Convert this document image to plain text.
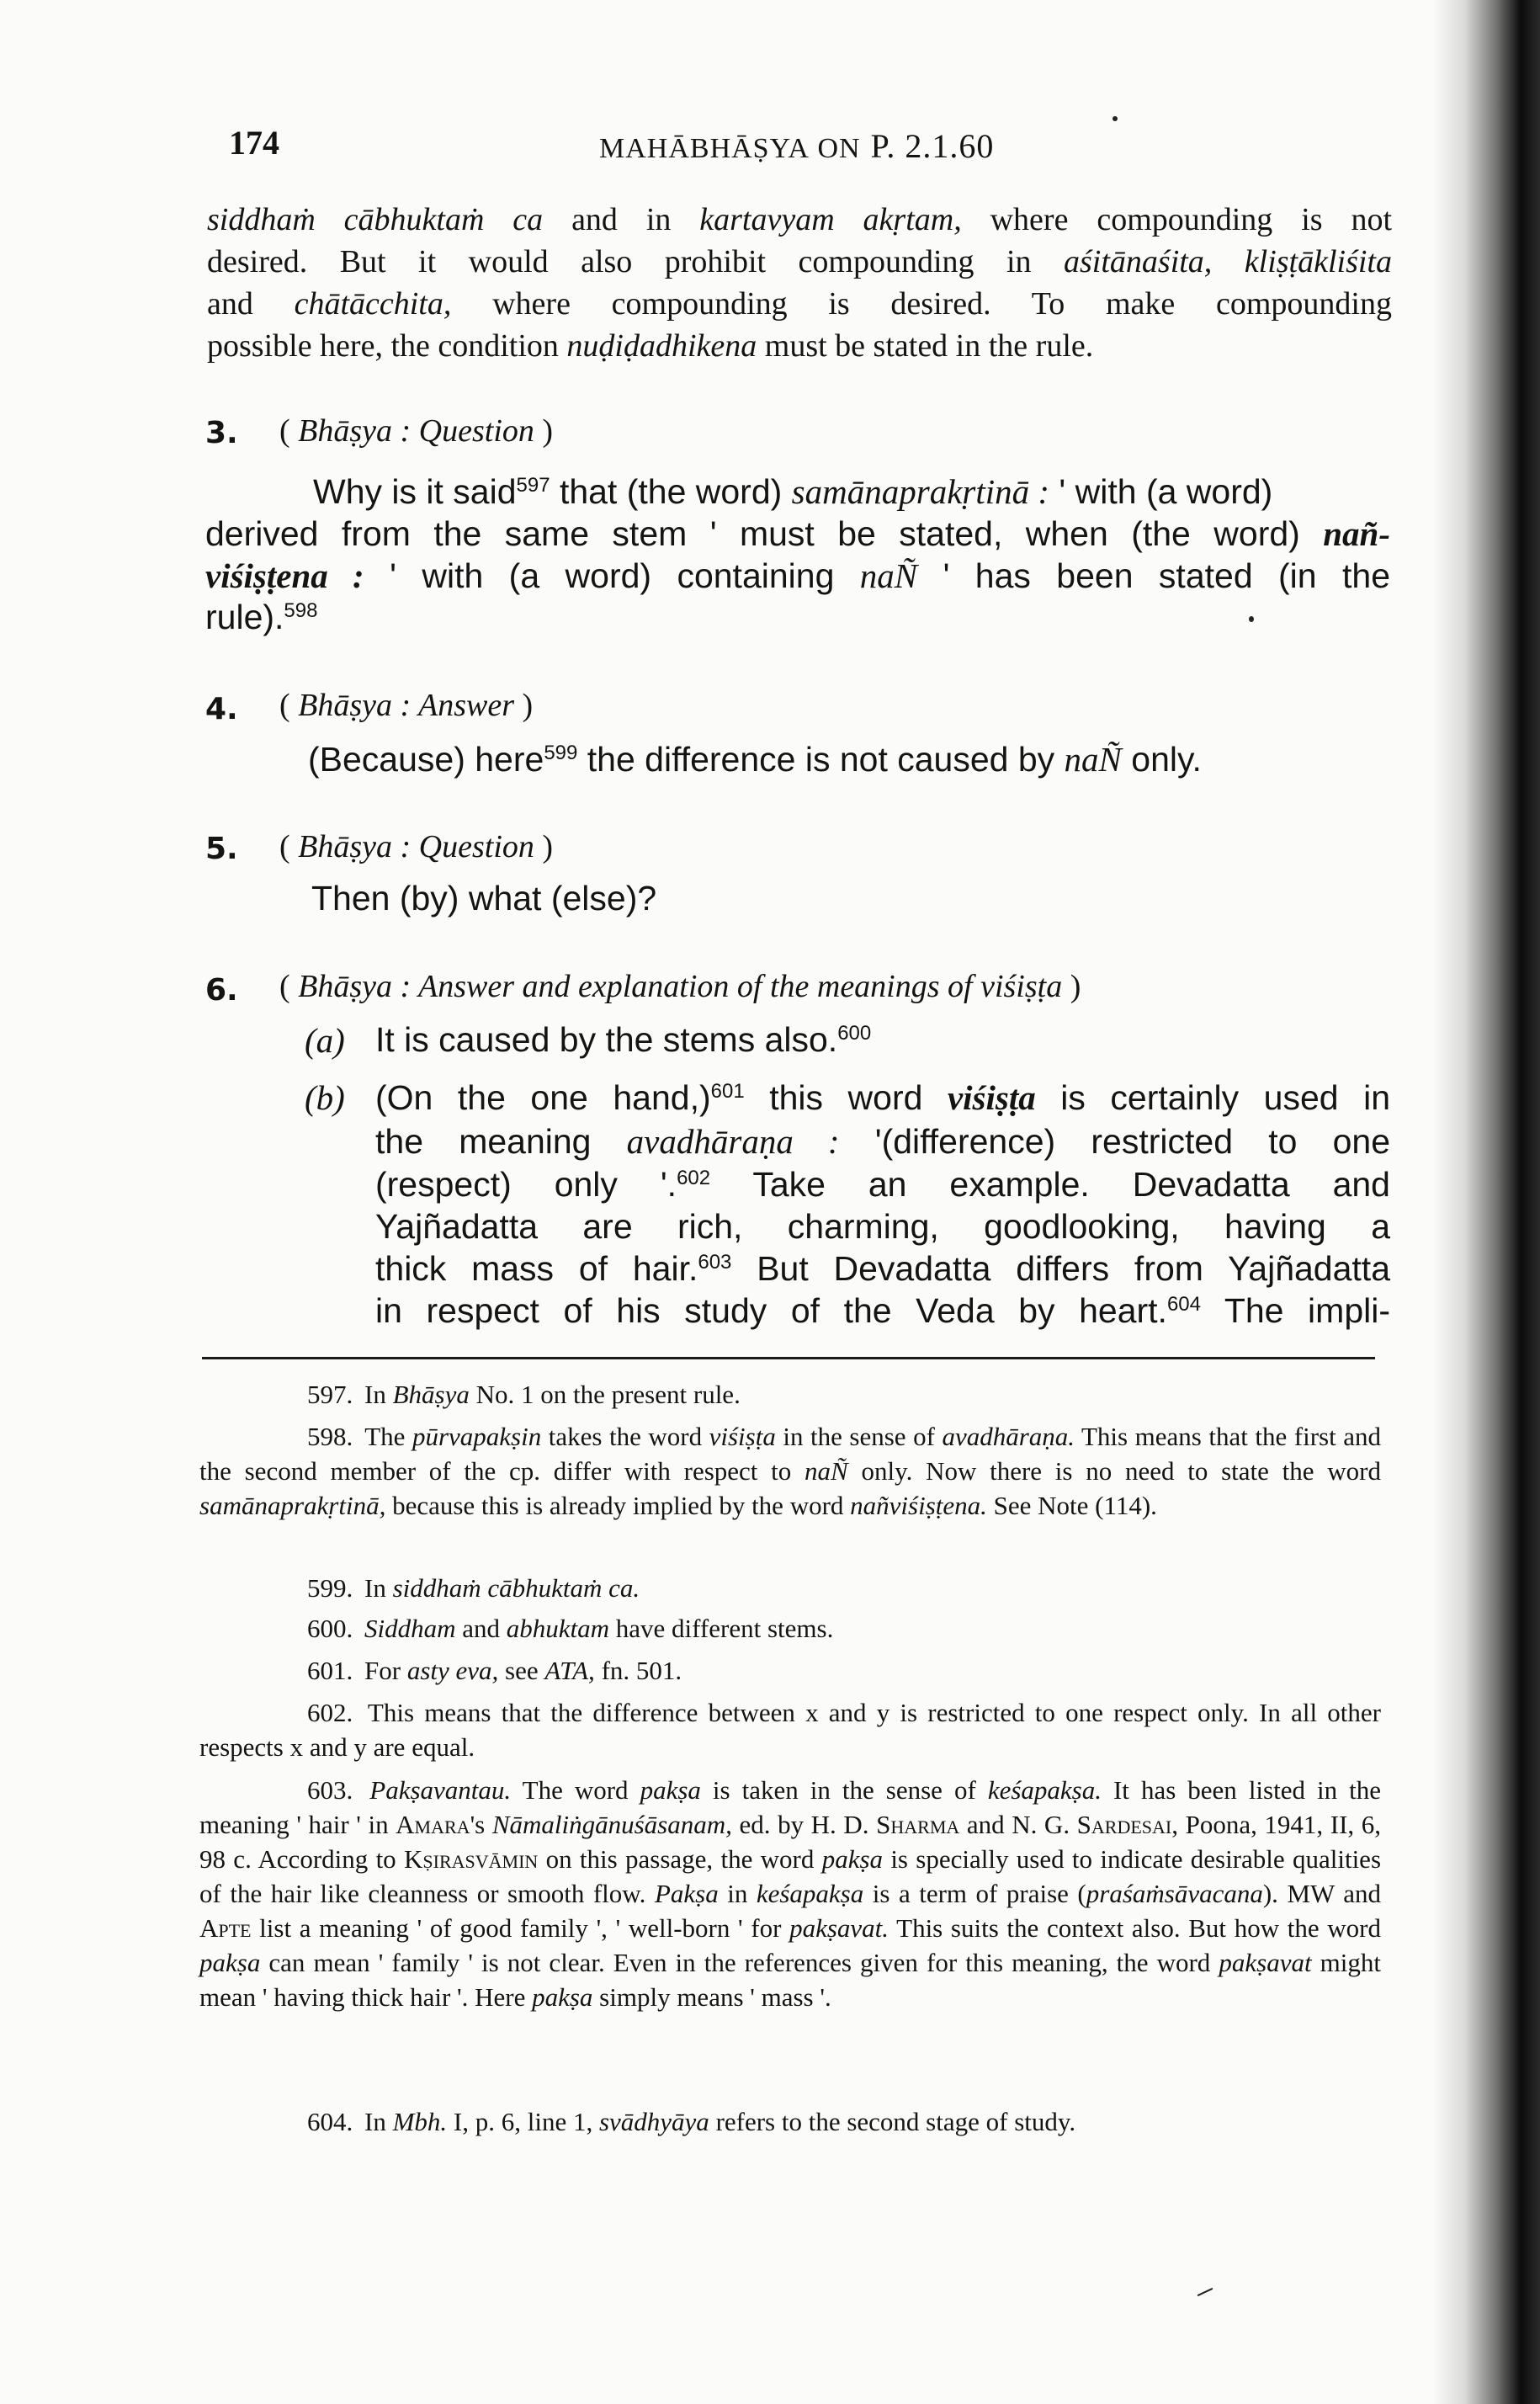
174	MAHĀBHĀṢYA ON P. 2.1.60
siddhaṁ cābhuktaṁ ca and in kartavyam akṛtam, where compounding is not
desired. But it would also prohibit compounding in aśitānaśita, kliṣṭākliśita
and chātācchita, where compounding is desired. To make compounding
possible here, the condition nuḍiḍadhikena must be stated in the rule.
3. ( Bhāṣya : Question )
Why is it said$^{597}$ that (the word) samānaprakṛtinā : ' with (a word)
derived from the same stem ' must be stated, when (the word) nañ-
viśiṣṭena : ' with (a word) containing naÑ ' has been stated (in the
rule).$^{598}$
4. ( Bhāṣya : Answer )
(Because) here$^{599}$ the difference is not caused by naÑ only.
5. ( Bhāṣya : Question )
Then (by) what (else)?
6. ( Bhāṣya : Answer and explanation of the meanings of viśiṣṭa )
(a) It is caused by the stems also.$^{600}$
(b) (On the one hand,)$^{601}$ this word viśiṣṭa is certainly used in
the meaning avadhāraṇa : '(difference) restricted to one
(respect) only '.$^{602}$ Take an example. Devadatta and
Yajñadatta are rich, charming, goodlooking, having a
thick mass of hair.$^{603}$ But Devadatta differs from Yajñadatta
in respect of his study of the Veda by heart.$^{604}$ The impli-
597. In Bhāṣya No. 1 on the present rule.
598. The pūrvapakṣin takes the word viśiṣṭa in the sense of avadhāraṇa. This means that the first and the second member of the cp. differ with respect to naÑ only. Now there is no need to state the word samānaprakṛtinā, because this is already implied by the word nañviśiṣṭena. See Note (114).
599. In siddhaṁ cābhuktaṁ ca.
600. Siddham and abhuktam have different stems.
601. For asty eva, see ATA, fn. 501.
602. This means that the difference between x and y is restricted to one respect only. In all other respects x and y are equal.
603. Pakṣavantau. The word pakṣa is taken in the sense of keśapakṣa. It has been listed in the meaning ' hair ' in Amara's Nāmaliṅgānuśāsanam, ed. by H. D. Sharma and N. G. Sardesai, Poona, 1941, II, 6, 98 c. According to Kṣirasvāmin on this passage, the word pakṣa is specially used to indicate desirable qualities of the hair like cleanness or smooth flow. Pakṣa in keśapakṣa is a term of praise (praśaṁsāvacana). MW and Apte list a meaning ' of good family ', ' well-born ' for pakṣavat. This suits the context also. But how the word pakṣa can mean ' family ' is not clear. Even in the references given for this meaning, the word pakṣavat might mean ' having thick hair '. Here pakṣa simply means ' mass '.
604. In Mbh. I, p. 6, line 1, svādhyāya refers to the second stage of study.
